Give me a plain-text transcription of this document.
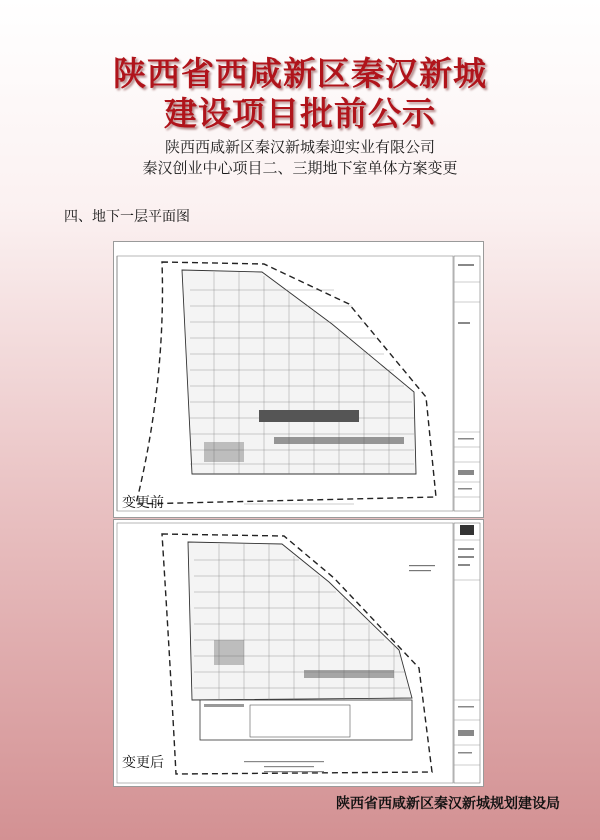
陕西省西咸新区秦汉新城
建设项目批前公示
陕西西咸新区秦汉新城秦迎实业有限公司
秦汉创业中心项目二、三期地下室单体方案变更
四、地下一层平面图
变更前
变更后
陕西省西咸新区秦汉新城规划建设局
